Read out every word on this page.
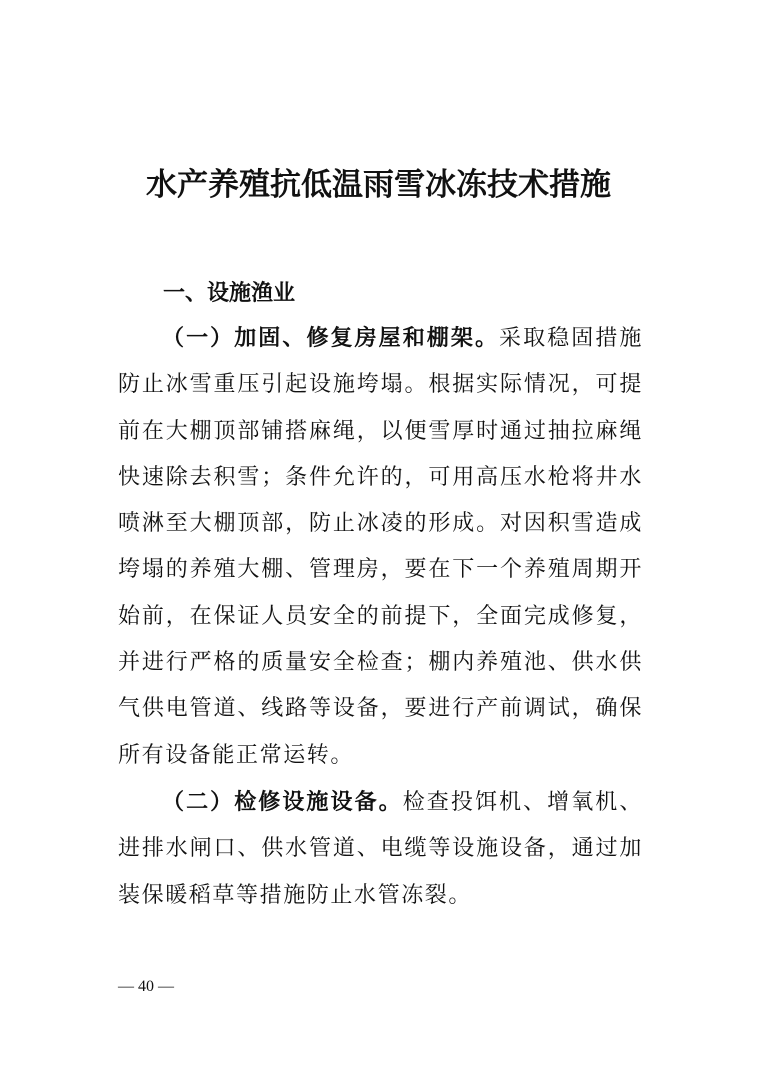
水产养殖抗低温雨雪冰冻技术措施
一、设施渔业

（一）加固、修复房屋和棚架。采取稳固措施防止冰雪重压引起设施垮塌。根据实际情况，可提前在大棚顶部铺搭麻绳，以便雪厚时通过抽拉麻绳快速除去积雪；条件允许的，可用高压水枪将井水喷淋至大棚顶部，防止冰凌的形成。对因积雪造成垮塌的养殖大棚、管理房，要在下一个养殖周期开始前，在保证人员安全的前提下，全面完成修复，并进行严格的质量安全检查；棚内养殖池、供水供气供电管道、线路等设备，要进行产前调试，确保所有设备能正常运转。

（二）检修设施设备。检查投饵机、增氧机、进排水闸口、供水管道、电缆等设施设备，通过加装保暖稻草等措施防止水管冻裂。

— 40 —
